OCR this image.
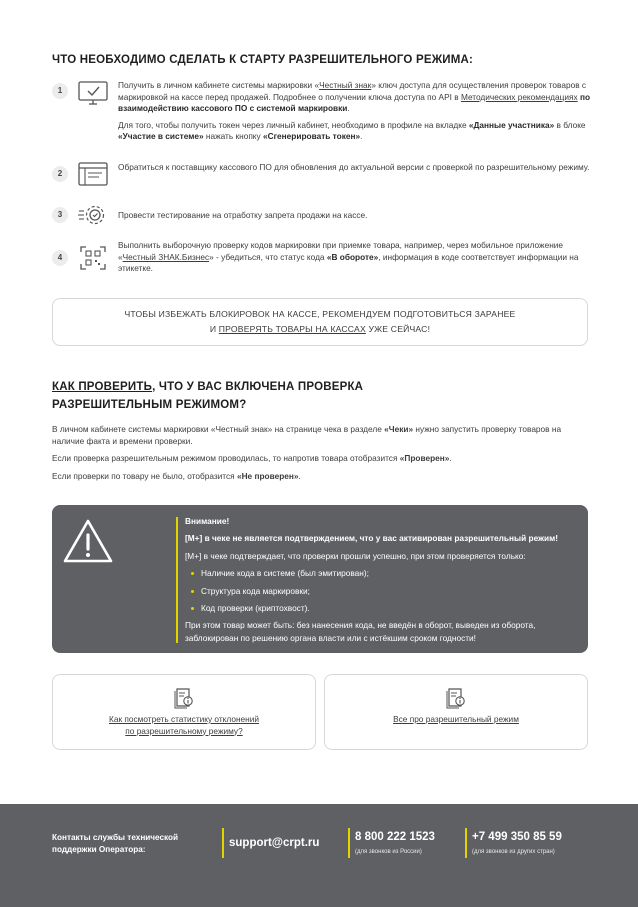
ЧТО НЕОБХОДИМО СДЕЛАТЬ К СТАРТУ РАЗРЕШИТЕЛЬНОГО РЕЖИМА:
1

Получить в личном кабинете системы маркировки «Честный знак» ключ доступа для осуществления проверок товаров с маркировкой на кассе перед продажей. Подробнее о получении ключа доступа по API в Методических рекомендациях по взаимодействию кассового ПО с системой маркировки.

Для того, чтобы получить токен через личный кабинет, необходимо в профиле на вкладке «Данные участника» в блоке «Участие в системе» нажать кнопку «Сгенерировать токен».

2
Обратиться к поставщику кассового ПО для обновления до актуальной версии с проверкой по разрешительному режиму.
3	Провести тестирование на отработку запрета продажи на кассе.
4
Выполнить выборочную проверку кодов маркировки при приемке товара, например, через мобильное приложение «Честный ЗНАК.Бизнес» - убедиться, что статус кода «В обороте», информация в коде соответствует информации на этикетке.
ЧТОБЫ ИЗБЕЖАТЬ БЛОКИРОВОК НА КАССЕ, РЕКОМЕНДУЕМ ПОДГОТОВИТЬСЯ ЗАРАНЕЕ
И ПРОВЕРЯТЬ ТОВАРЫ НА КАССАХ УЖЕ СЕЙЧАС!
КАК ПРОВЕРИТЬ, ЧТО У ВАС ВКЛЮЧЕНА ПРОВЕРКА
РАЗРЕШИТЕЛЬНЫМ РЕЖИМОМ?

В личном кабинете системы маркировки «Честный знак» на странице чека в разделе «Чеки» нужно запустить проверку товаров на наличие факта и времени проверки.

Если проверка разрешительным режимом проводилась, то напротив товара отобразится «Проверен».

Если проверки по товару не было, отобразится «Не проверен».

Внимание!

[М+] в чеке не является подтверждением, что у вас активирован разрешительный режим!

[М+] в чеке подтверждает, что проверки прошли успешно, при этом проверяется только:

Наличие кода в системе (был эмитирован);
Структура кода маркировки;
Код проверки (криптохвост).

При этом товар может быть: без нанесения кода, не введён в оборот, выведен из оборота, заблокирован по решению органа власти или с истёкшим сроком годности!

Как посмотреть статистику отклонений
по разрешительному режиму?
Все про разрешительный режим
Контакты службы технической
поддержки Оператора:
support@crpt.ru	8 800 222 1523
(для звонков из России)
+7 499 350 85 59
(для звонков из других стран)
